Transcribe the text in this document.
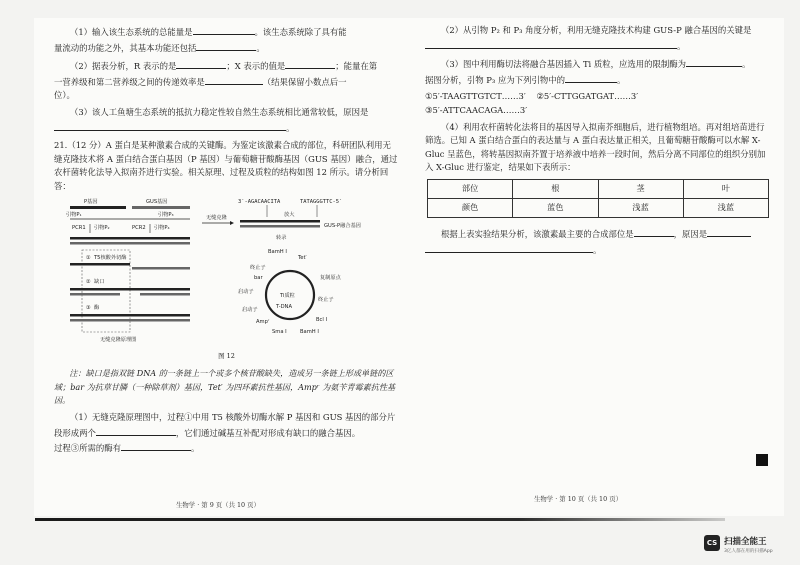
（1）输入该生态系统的总能量是	。该生态系统除了具有能
量流动的功能之外，其基本功能还包括	。

（2）据表分析，R 表示的是	；X 表示的值是	；能量在第
一营养级和第二营养级之间的传递效率是	（结果保留小数点后一
位）。

（3）该人工鱼塘生态系统的抵抗力稳定性较自然生态系统相比通常较低，原因是
。

21.（12 分）A 蛋白是某种激素合成的关键酶。为鉴定该激素合成的部位，科研团队利用无缝克隆技术将 A 蛋白结合蛋白基因（P 基因）与葡萄糖苷酸酶基因（GUS 基因）融合，通过农杆菌转化法导入拟南芥进行实验。相关原理、过程及质粒的结构如图 12 所示。请分析回答：

P基因	GUS基因
引物P₁	引物P₃
PCR1 引物P₂	PCR2 引物P₄
① T5核酸外切酶
② 缺口
③ 酶
无缝克隆原理图
无缝克隆
3′-AGACAACITA	TATAGGGTTC-5′
放大
GUS-P融合基因
转录
Ti质粒
T-DNA
BamH Ⅰ
Tet′
终止子
bar	复制原点
终止子
启动子
Ampʳ	Bcl Ⅰ
Sma Ⅰ	BamH Ⅰ
启动子
图 12

注：缺口是指双链 DNA 的一条链上一个或多个核苷酸缺失，造成另一条链上形成单链的区域；bar 为抗草甘膦（一种除草剂）基因，Tet′ 为四环素抗性基因，Ampʳ 为氨苄青霉素抗性基因。

（1）无缝克隆原理图中，过程①中用 T5 核酸外切酶水解 P 基因和 GUS 基因的部分片段形成两个	，它们通过碱基互补配对形成有缺口的融合基因。
过程③所需的酶有	。

生物学 · 第 9 页（共 10 页）

（2）从引物 P₂ 和 P₃ 角度分析，利用无缝克隆技术构建 GUS-P 融合基因的关键是
。

（3）图中利用酶切法将融合基因插入 Ti 质粒，应选用的限制酶为	。
据图分析，引物 P₃ 应为下列引物中的	。

①5′-TAAGTTGTCT……3′ ②5′-CTTGGATGAT……3′
③5′-ATTCAACAGA……3′

（4）利用农杆菌转化法将目的基因导入拟南芥细胞后，进行植物组培。再对组培苗进行筛选。已知 A 蛋白结合蛋白的表达量与 A 蛋白表达量正相关，且葡萄糖苷酸酶可以水解 X-Gluc 呈蓝色，将转基因拟南芥置于培养液中培养一段时间，然后分离不同部位的组织分别加入 X-Gluc 进行鉴定，结果如下表所示：

部位	根	茎	叶
颜色	蓝色	浅蓝	浅蓝

根据上表实验结果分析，该激素最主要的合成部位是	，原因是
。

生物学 · 第 10 页（共 10 页）
CS 扫描全能王
3亿人都在用的扫描App
